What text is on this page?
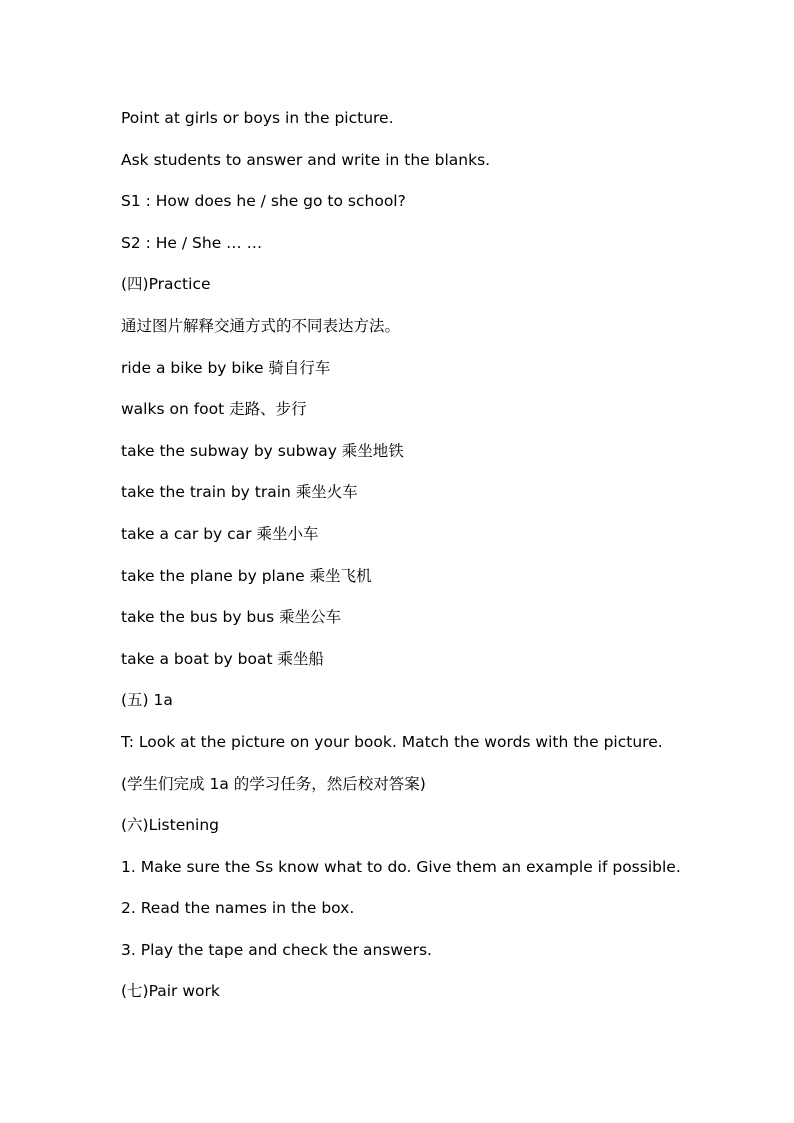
Point at girls or boys in the picture.
Ask students to answer and write in the blanks.
S1 : How does he / she go to school?
S2 : He / She … …
(四)Practice
通过图片解释交通方式的不同表达方法。
ride a bike by bike 骑自行车
walks on foot 走路、步行
take the subway by subway 乘坐地铁
take the train by train 乘坐火车
take a car by car 乘坐小车
take the plane by plane 乘坐飞机
take the bus by bus 乘坐公车
take a boat by boat 乘坐船
(五) 1a
T: Look at the picture on your book. Match the words with the picture.
(学生们完成 1a 的学习任务，然后校对答案)
(六)Listening
1. Make sure the Ss know what to do. Give them an example if possible.
2. Read the names in the box.
3. Play the tape and check the answers.
(七)Pair work
